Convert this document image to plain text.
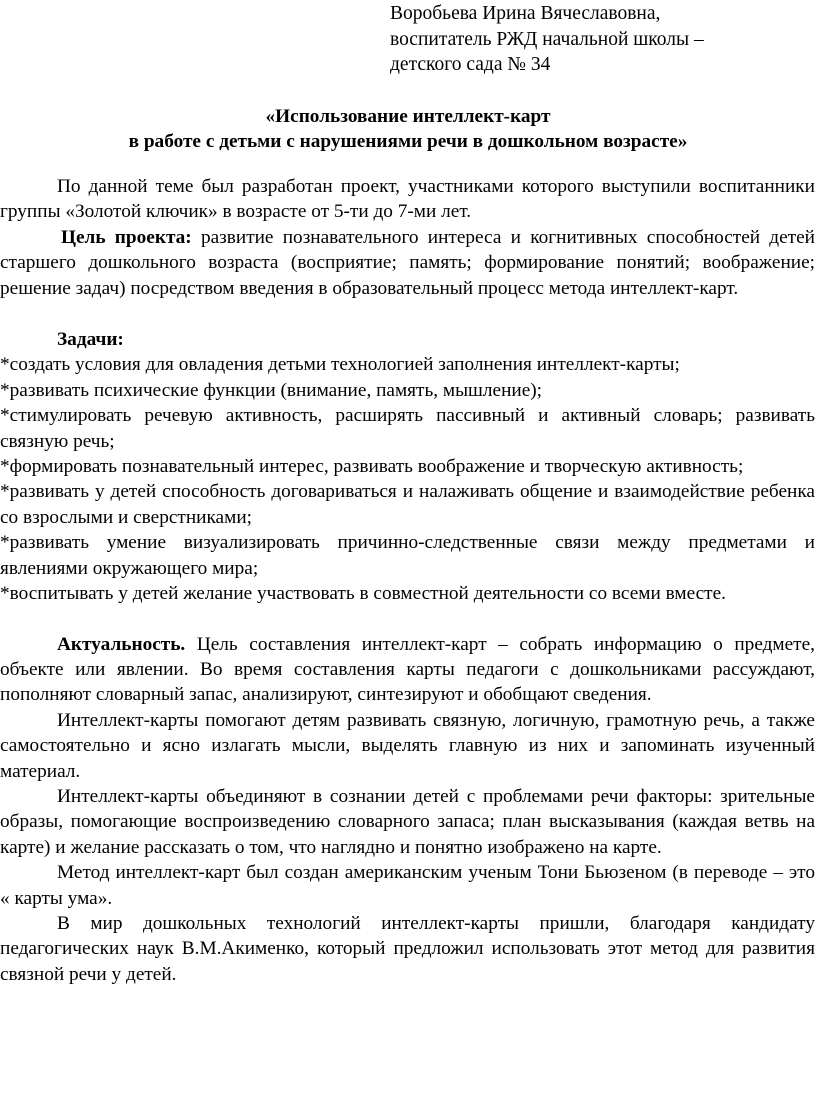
Воробьева Ирина Вячеславовна,
воспитатель РЖД начальной школы –
детского сада № 34
«Использование интеллект-карт
в работе с детьми с нарушениями речи в дошкольном возрасте»

По данной теме был разработан проект, участниками которого выступили воспитанники группы «Золотой ключик» в возрасте от 5-ти до 7-ми лет.

Цель проекта: развитие познавательного интереса и когнитивных способностей детей старшего дошкольного возраста (восприятие; память; формирование понятий; воображение; решение задач) посредством введения в образовательный процесс метода интеллект-карт.

Задачи:

*создать условия для овладения детьми технологией заполнения интеллект-карты;

*развивать психические функции (внимание, память, мышление);

*стимулировать речевую активность, расширять пассивный и активный словарь; развивать связную речь;

*формировать познавательный интерес, развивать воображение и творческую активность;

*развивать у детей способность договариваться и налаживать общение и взаимодействие ребенка со взрослыми и сверстниками;

*развивать умение визуализировать причинно-следственные связи между предметами и явлениями окружающего мира;

*воспитывать у детей желание участвовать в совместной деятельности со всеми вместе.

Актуальность. Цель составления интеллект-карт – собрать информацию о предмете, объекте или явлении. Во время составления карты педагоги с дошкольниками рассуждают, пополняют словарный запас, анализируют, синтезируют и обобщают сведения.

Интеллект-карты помогают детям развивать связную, логичную, грамотную речь, а также самостоятельно и ясно излагать мысли, выделять главную из них и запоминать изученный материал.

Интеллект-карты объединяют в сознании детей с проблемами речи факторы: зрительные образы, помогающие воспроизведению словарного запаса; план высказывания (каждая ветвь на карте) и желание рассказать о том, что наглядно и понятно изображено на карте.

Метод интеллект-карт был создан американским ученым Тони Бьюзеном (в переводе – это « карты ума».

В мир дошкольных технологий интеллект-карты пришли, благодаря кандидату педагогических наук В.М.Акименко, который предложил использовать этот метод для развития связной речи у детей.
